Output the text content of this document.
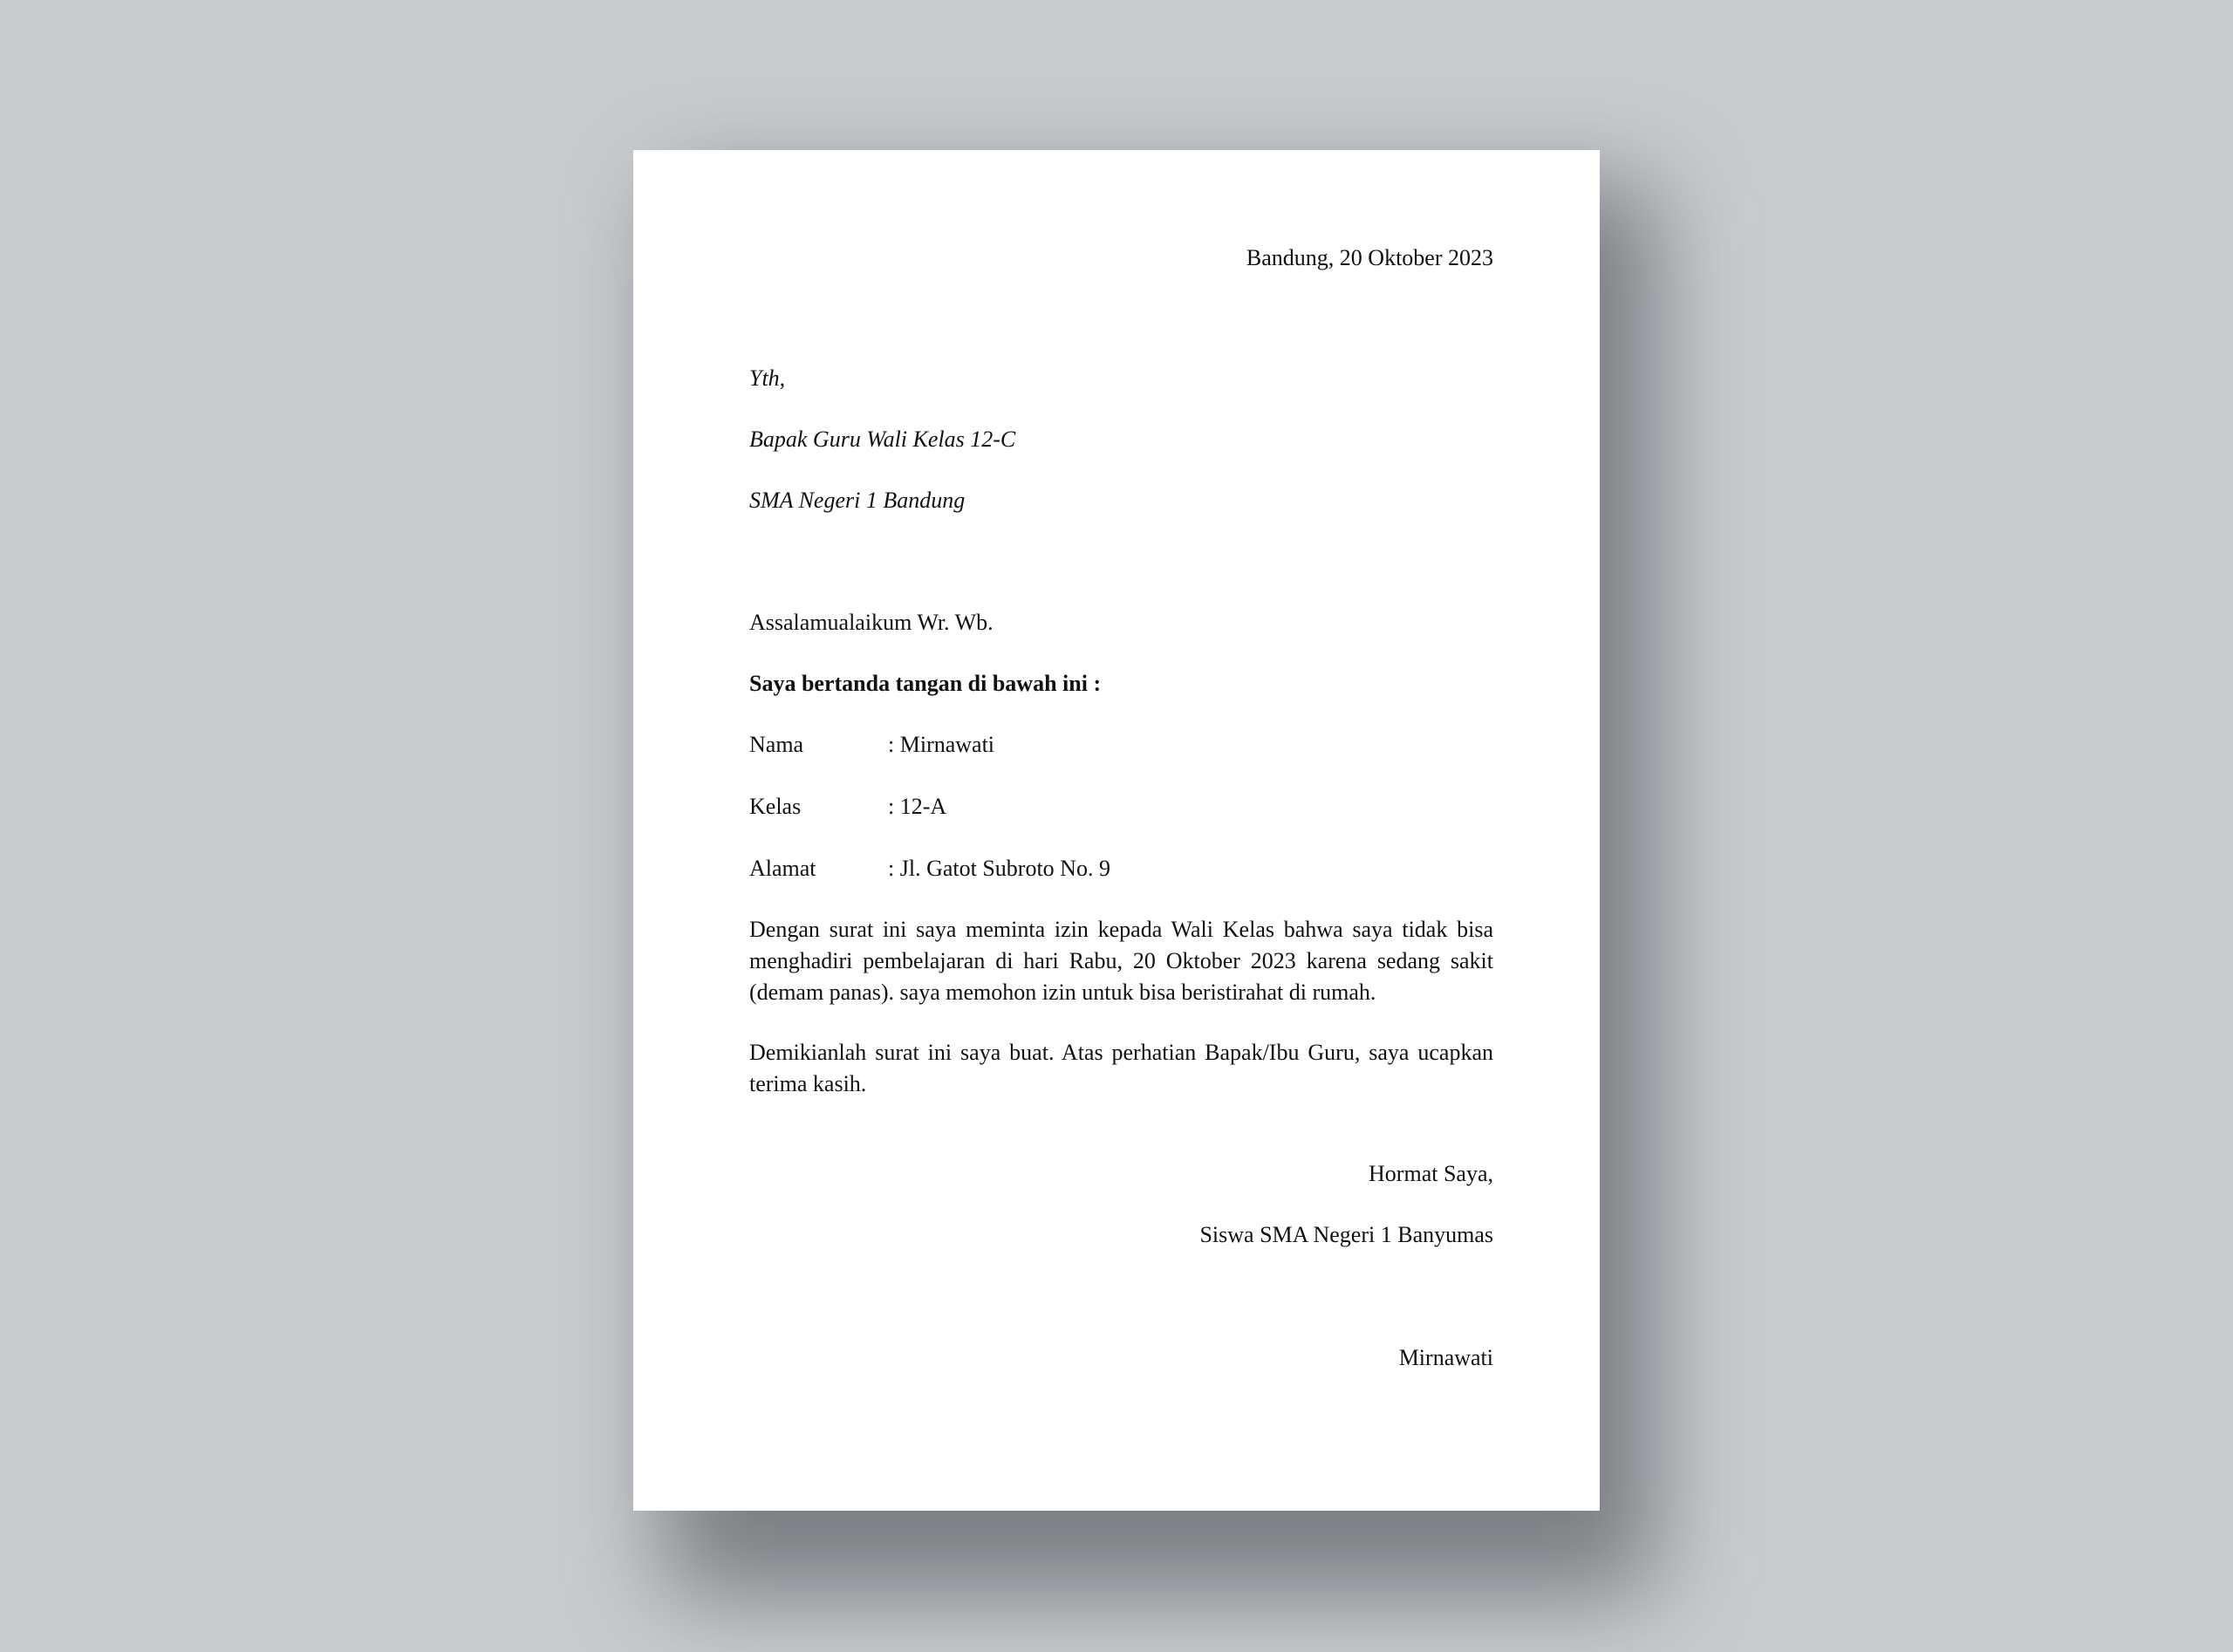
Bandung, 20 Oktober 2023
Yth,
Bapak Guru Wali Kelas 12-C
SMA Negeri 1 Bandung
Assalamualaikum Wr. Wb.
Saya bertanda tangan di bawah ini :
Nama	: Mirnawati
Kelas	: 12-A
Alamat	: Jl. Gatot Subroto No. 9
Dengan surat ini saya meminta izin kepada Wali Kelas bahwa saya tidak bisa menghadiri pembelajaran di hari Rabu, 20 Oktober 2023 karena sedang sakit (demam panas). saya memohon izin untuk bisa beristirahat di rumah.
Demikianlah surat ini saya buat. Atas perhatian Bapak/Ibu Guru, saya ucapkan terima kasih.
Hormat Saya,
Siswa SMA Negeri 1 Banyumas
Mirnawati
